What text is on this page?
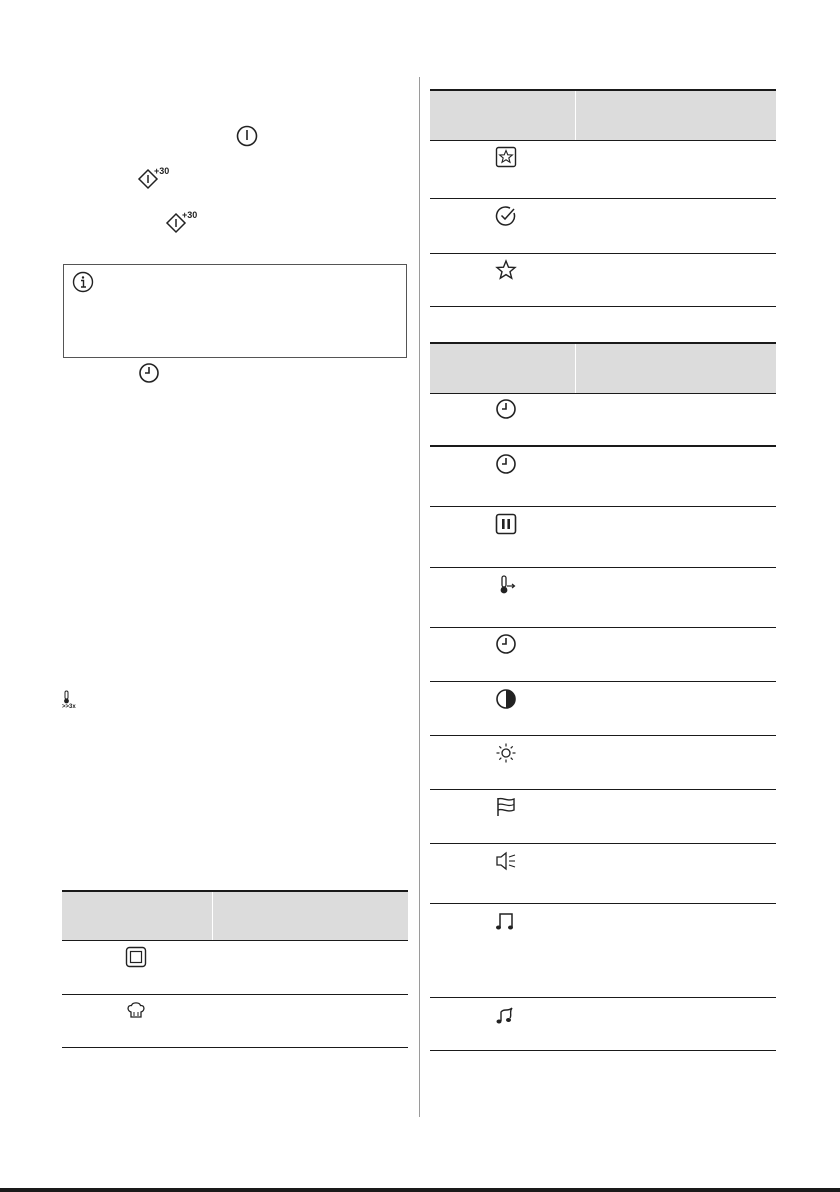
+30
+30
>>3x
